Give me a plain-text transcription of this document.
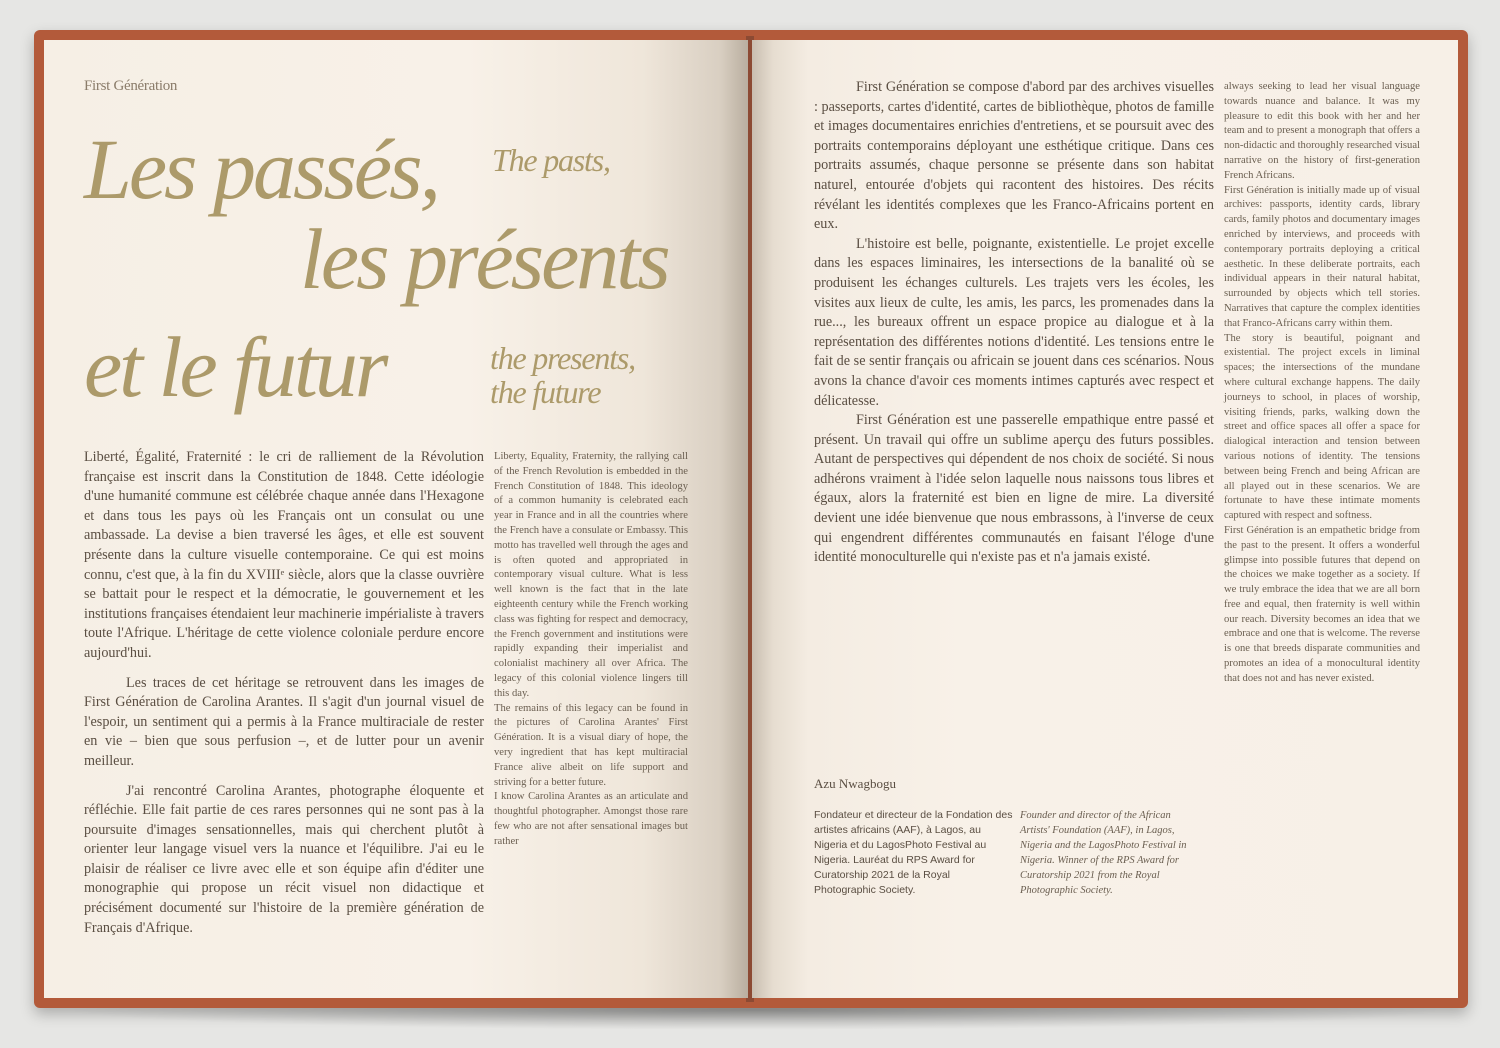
First Génération
Les passés,
les présents
et le futur
The pasts,
the presents,
the future

Liberté, Égalité, Fraternité : le cri de ralliement de la Révolution française est inscrit dans la Constitution de 1848. Cette idéologie d'une humanité commune est célébrée chaque année dans l'Hexagone et dans tous les pays où les Français ont un consulat ou une ambassade. La devise a bien traversé les âges, et elle est souvent présente dans la culture visuelle contemporaine. Ce qui est moins connu, c'est que, à la fin du XVIIIᵉ siècle, alors que la classe ouvrière se battait pour le respect et la démocratie, le gouvernement et les institutions françaises étendaient leur machinerie impérialiste à travers toute l'Afrique. L'héritage de cette violence coloniale perdure encore aujourd'hui.

Les traces de cet héritage se retrouvent dans les images de First Génération de Carolina Arantes. Il s'agit d'un journal visuel de l'espoir, un sentiment qui a permis à la France multiraciale de rester en vie – bien que sous perfusion –, et de lutter pour un avenir meilleur.

J'ai rencontré Carolina Arantes, photographe éloquente et réfléchie. Elle fait partie de ces rares personnes qui ne sont pas à la poursuite d'images sensationnelles, mais qui cherchent plutôt à orienter leur langage visuel vers la nuance et l'équilibre. J'ai eu le plaisir de réaliser ce livre avec elle et son équipe afin d'éditer une monographie qui propose un récit visuel non didactique et précisément documenté sur l'histoire de la première génération de Français d'Afrique.

Liberty, Equality, Fraternity, the rallying call of the French Revolution is embedded in the French Constitution of 1848. This ideology of a common humanity is celebrated each year in France and in all the countries where the French have a consulate or Embassy. This motto has travelled well through the ages and is often quoted and appropriated in contemporary visual culture. What is less well known is the fact that in the late eighteenth century while the French working class was fighting for respect and democracy, the French government and institutions were rapidly expanding their imperialist and colonialist machinery all over Africa. The legacy of this colonial violence lingers till this day.

The remains of this legacy can be found in the pictures of Carolina Arantes' First Génération. It is a visual diary of hope, the very ingredient that has kept multiracial France alive albeit on life support and striving for a better future.

I know Carolina Arantes as an articulate and thoughtful photographer. Amongst those rare few who are not after sensational images but rather

First Génération se compose d'abord par des archives visuelles : passeports, cartes d'identité, cartes de bibliothèque, photos de famille et images documentaires enrichies d'entretiens, et se poursuit avec des portraits contemporains déployant une esthétique critique. Dans ces portraits assumés, chaque personne se présente dans son habitat naturel, entourée d'objets qui racontent des histoires. Des récits révélant les identités complexes que les Franco-Africains portent en eux.

L'histoire est belle, poignante, existentielle. Le projet excelle dans les espaces liminaires, les intersections de la banalité où se produisent les échanges culturels. Les trajets vers les écoles, les visites aux lieux de culte, les amis, les parcs, les promenades dans la rue..., les bureaux offrent un espace propice au dialogue et à la représentation des différentes notions d'identité. Les tensions entre le fait de se sentir français ou africain se jouent dans ces scénarios. Nous avons la chance d'avoir ces moments intimes capturés avec respect et délicatesse.

First Génération est une passerelle empathique entre passé et présent. Un travail qui offre un sublime aperçu des futurs possibles. Autant de perspectives qui dépendent de nos choix de société. Si nous adhérons vraiment à l'idée selon laquelle nous naissons tous libres et égaux, alors la fraternité est bien en ligne de mire. La diversité devient une idée bienvenue que nous embrassons, à l'inverse de ceux qui engendrent différentes communautés en faisant l'éloge d'une identité monoculturelle qui n'existe pas et n'a jamais existé.

always seeking to lead her visual language towards nuance and balance. It was my pleasure to edit this book with her and her team and to present a monograph that offers a non-didactic and thoroughly researched visual narrative on the history of first-generation French Africans.

First Génération is initially made up of visual archives: passports, identity cards, library cards, family photos and documentary images enriched by interviews, and proceeds with contemporary portraits deploying a critical aesthetic. In these deliberate portraits, each individual appears in their natural habitat, surrounded by objects which tell stories. Narratives that capture the complex identities that Franco-Africans carry within them.

The story is beautiful, poignant and existential. The project excels in liminal spaces; the intersections of the mundane where cultural exchange happens. The daily journeys to school, in places of worship, visiting friends, parks, walking down the street and office spaces all offer a space for dialogical interaction and tension between various notions of identity. The tensions between being French and being African are all played out in these scenarios. We are fortunate to have these intimate moments captured with respect and softness.

First Génération is an empathetic bridge from the past to the present. It offers a wonderful glimpse into possible futures that depend on the choices we make together as a society. If we truly embrace the idea that we are all born free and equal, then fraternity is well within our reach. Diversity becomes an idea that we embrace and one that is welcome. The reverse is one that breeds disparate communities and promotes an idea of a monocultural identity that does not and has never existed.

Azu Nwagbogu
Fondateur et directeur de la Fondation des artistes africains (AAF), à Lagos, au Nigeria et du LagosPhoto Festival au Nigeria. Lauréat du RPS Award for Curatorship 2021 de la Royal Photographic Society.
Founder and director of the African Artists' Foundation (AAF), in Lagos, Nigeria and the LagosPhoto Festival in Nigeria. Winner of the RPS Award for Curatorship 2021 from the Royal Photographic Society.
